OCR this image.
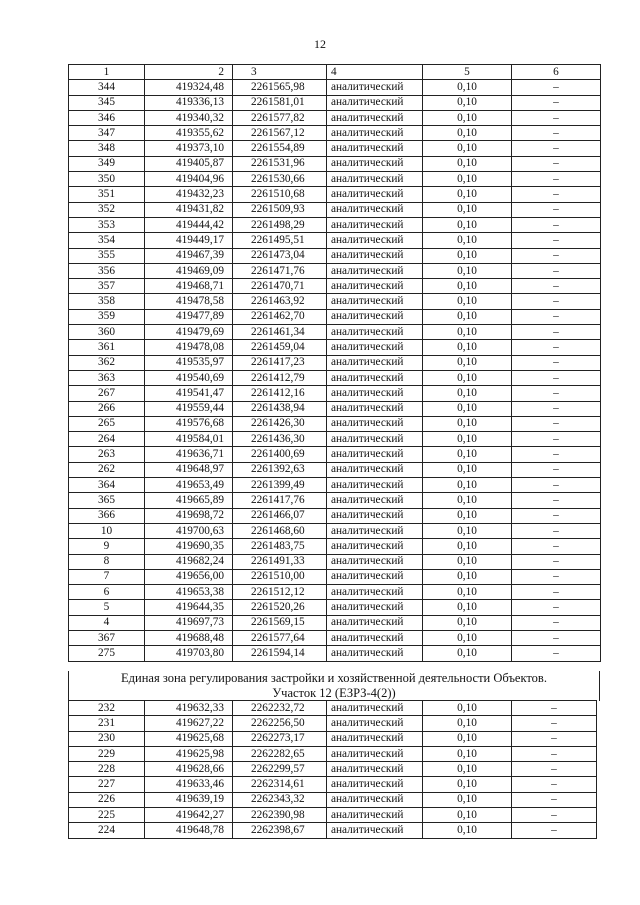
12
1	2	3	4	5	6
344	419324,48	2261565,98	аналитический	0,10	–
345	419336,13	2261581,01	аналитический	0,10	–
346	419340,32	2261577,82	аналитический	0,10	–
347	419355,62	2261567,12	аналитический	0,10	–
348	419373,10	2261554,89	аналитический	0,10	–
349	419405,87	2261531,96	аналитический	0,10	–
350	419404,96	2261530,66	аналитический	0,10	–
351	419432,23	2261510,68	аналитический	0,10	–
352	419431,82	2261509,93	аналитический	0,10	–
353	419444,42	2261498,29	аналитический	0,10	–
354	419449,17	2261495,51	аналитический	0,10	–
355	419467,39	2261473,04	аналитический	0,10	–
356	419469,09	2261471,76	аналитический	0,10	–
357	419468,71	2261470,71	аналитический	0,10	–
358	419478,58	2261463,92	аналитический	0,10	–
359	419477,89	2261462,70	аналитический	0,10	–
360	419479,69	2261461,34	аналитический	0,10	–
361	419478,08	2261459,04	аналитический	0,10	–
362	419535,97	2261417,23	аналитический	0,10	–
363	419540,69	2261412,79	аналитический	0,10	–
267	419541,47	2261412,16	аналитический	0,10	–
266	419559,44	2261438,94	аналитический	0,10	–
265	419576,68	2261426,30	аналитический	0,10	–
264	419584,01	2261436,30	аналитический	0,10	–
263	419636,71	2261400,69	аналитический	0,10	–
262	419648,97	2261392,63	аналитический	0,10	–
364	419653,49	2261399,49	аналитический	0,10	–
365	419665,89	2261417,76	аналитический	0,10	–
366	419698,72	2261466,07	аналитический	0,10	–
10	419700,63	2261468,60	аналитический	0,10	–
9	419690,35	2261483,75	аналитический	0,10	–
8	419682,24	2261491,33	аналитический	0,10	–
7	419656,00	2261510,00	аналитический	0,10	–
6	419653,38	2261512,12	аналитический	0,10	–
5	419644,35	2261520,26	аналитический	0,10	–
4	419697,73	2261569,15	аналитический	0,10	–
367	419688,48	2261577,64	аналитический	0,10	–
275	419703,80	2261594,14	аналитический	0,10	–
Единая зона регулирования застройки и хозяйственной деятельности Объектов.
Участок 12 (ЕЗРЗ-4(2))
232	419632,33	2262232,72	аналитический	0,10	–
231	419627,22	2262256,50	аналитический	0,10	–
230	419625,68	2262273,17	аналитический	0,10	–
229	419625,98	2262282,65	аналитический	0,10	–
228	419628,66	2262299,57	аналитический	0,10	–
227	419633,46	2262314,61	аналитический	0,10	–
226	419639,19	2262343,32	аналитический	0,10	–
225	419642,27	2262390,98	аналитический	0,10	–
224	419648,78	2262398,67	аналитический	0,10	–
